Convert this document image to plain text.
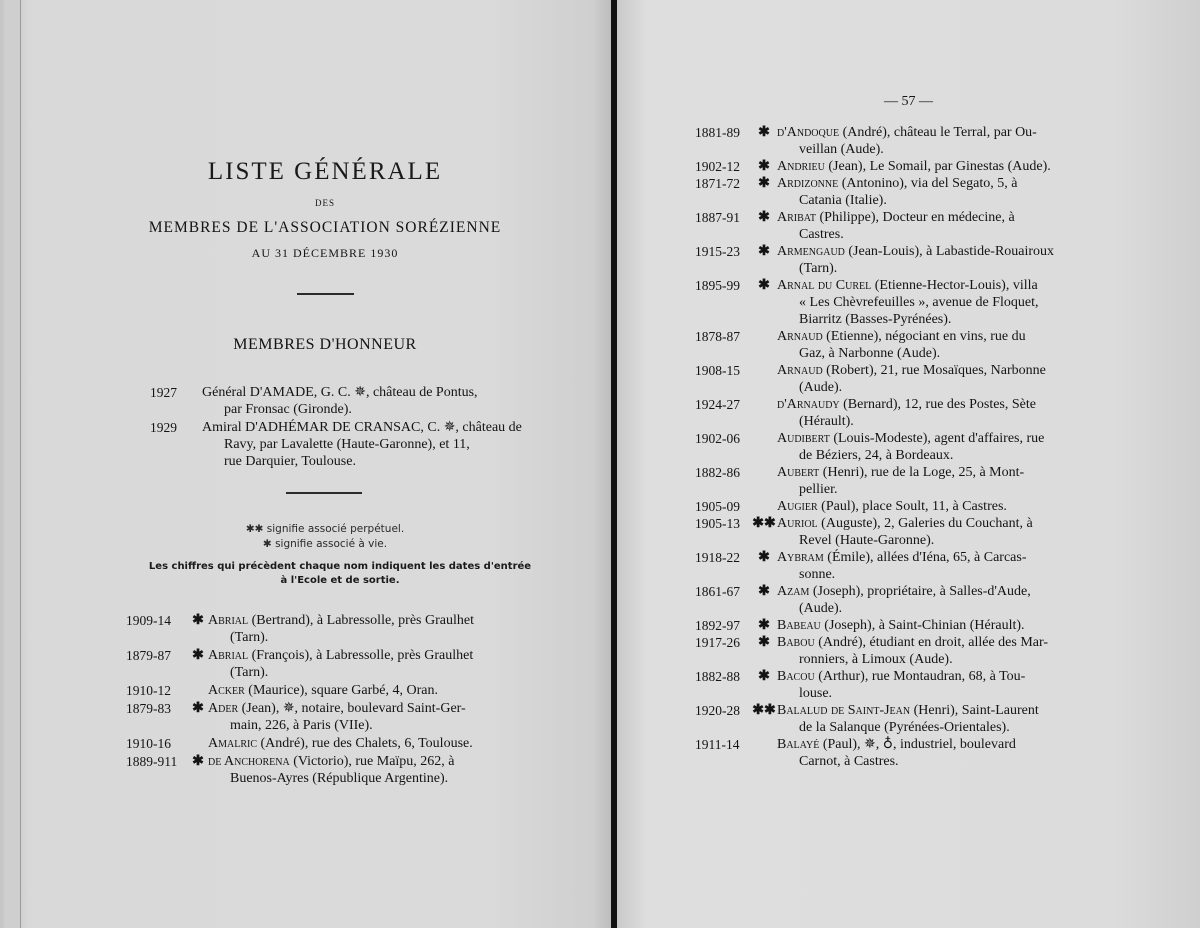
LISTE GÉNÉRALE
DES
MEMBRES DE L'ASSOCIATION SORÉZIENNE
AU 31 DÉCEMBRE 1930
MEMBRES D'HONNEUR
1927	Général D'AMADE, G. C. ✵, château de Pontus,
par Fronsac (Gironde).
1929	Amiral D'ADHÉMAR DE CRANSAC, C. ✵, château de
Ravy, par Lavalette (Haute-Garonne), et 11,
rue Darquier, Toulouse.
✱✱ signifie associé perpétuel.
✱ signifie associé à vie.
Les chiffres qui précèdent chaque nom indiquent les dates d'entrée
à l'Ecole et de sortie.
1909-14	✱ Abrial (Bertrand), à Labressolle, près Graulhet
(Tarn).
1879-87	✱ Abrial (François), à Labressolle, près Graulhet
(Tarn).
1910-12	Acker (Maurice), square Garbé, 4, Oran.
1879-83	✱ Ader (Jean), ✵, notaire, boulevard Saint-Ger-
main, 226, à Paris (VIIe).
1910-16	Amalric (André), rue des Chalets, 6, Toulouse.
1889-911	✱ de Anchorena (Victorio), rue Maïpu, 262, à
Buenos-Ayres (République Argentine).
— 57 —
1881-89	✱ d'Andoque (André), château le Terral, par Ou-
veillan (Aude).
1902-12	✱ Andrieu (Jean), Le Somail, par Ginestas (Aude).
1871-72	✱ Ardizonne (Antonino), via del Segato, 5, à
Catania (Italie).
1887-91	✱ Aribat (Philippe), Docteur en médecine, à
Castres.
1915-23	✱ Armengaud (Jean-Louis), à Labastide-Rouairoux
(Tarn).
1895-99	✱ Arnal du Curel (Etienne-Hector-Louis), villa
« Les Chèvrefeuilles », avenue de Floquet,
Biarritz (Basses-Pyrénées).
1878-87	Arnaud (Etienne), négociant en vins, rue du
Gaz, à Narbonne (Aude).
1908-15	Arnaud (Robert), 21, rue Mosaïques, Narbonne
(Aude).
1924-27	d'Arnaudy (Bernard), 12, rue des Postes, Sète
(Hérault).
1902-06	Audibert (Louis-Modeste), agent d'affaires, rue
de Béziers, 24, à Bordeaux.
1882-86	Aubert (Henri), rue de la Loge, 25, à Mont-
pellier.
1905-09	Augier (Paul), place Soult, 11, à Castres.
1905-13 ✱✱ Auriol (Auguste), 2, Galeries du Couchant, à
Revel (Haute-Garonne).
1918-22	✱ Aybram (Émile), allées d'Iéna, 65, à Carcas-
sonne.
1861-67	✱ Azam (Joseph), propriétaire, à Salles-d'Aude,
(Aude).
1892-97	✱ Babeau (Joseph), à Saint-Chinian (Hérault).
1917-26	✱ Babou (André), étudiant en droit, allée des Mar-
ronniers, à Limoux (Aude).
1882-88	✱ Bacou (Arthur), rue Montaudran, 68, à Tou-
louse.
1920-28 ✱✱ Balalud de Saint-Jean (Henri), Saint-Laurent
de la Salanque (Pyrénées-Orientales).
1911-14	Balayé (Paul), ✵, ♁, industriel, boulevard
Carnot, à Castres.
